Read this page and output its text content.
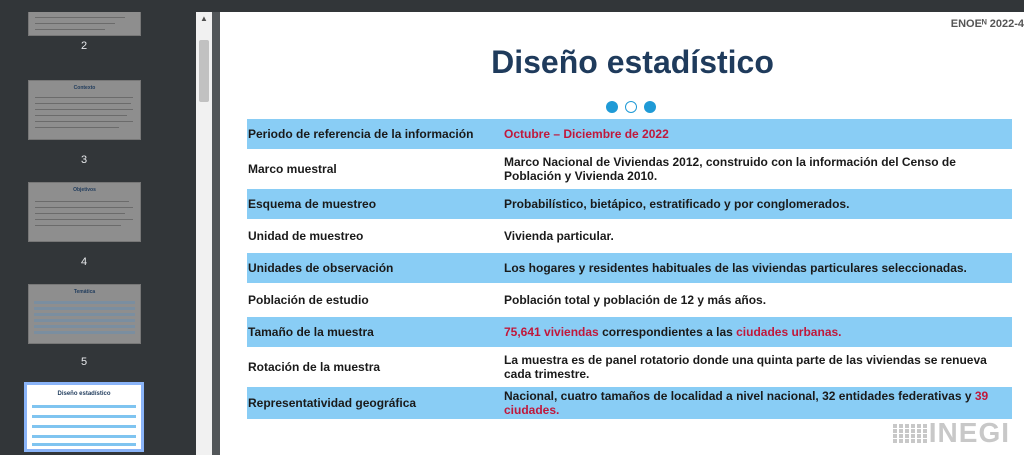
2
Contexto
3
Objetivos
4
Temática
5
Diseño estadístico
▲	ENOEᴺ 2022-4
Diseño estadístico
Periodo de referencia de la información	Octubre – Diciembre de 2022
Marco muestral	Marco Nacional de Viviendas 2012, construido con la información del Censo de Población y Vivienda 2010.
Esquema de muestreo	Probabilístico, bietápico, estratificado y por conglomerados.
Unidad de muestreo	Vivienda particular.
Unidades de observación	Los hogares y residentes habituales de las viviendas particulares seleccionadas.
Población de estudio	Población total y población de 12 y más años.
Tamaño de la muestra	75,641 viviendas correspondientes a las ciudades urbanas.
Rotación de la muestra	La muestra es de panel rotatorio donde una quinta parte de las viviendas se renueva cada trimestre.
Representatividad geográfica	Nacional, cuatro tamaños de localidad a nivel nacional, 32 entidades federativas y 39 ciudades.
INEGI
